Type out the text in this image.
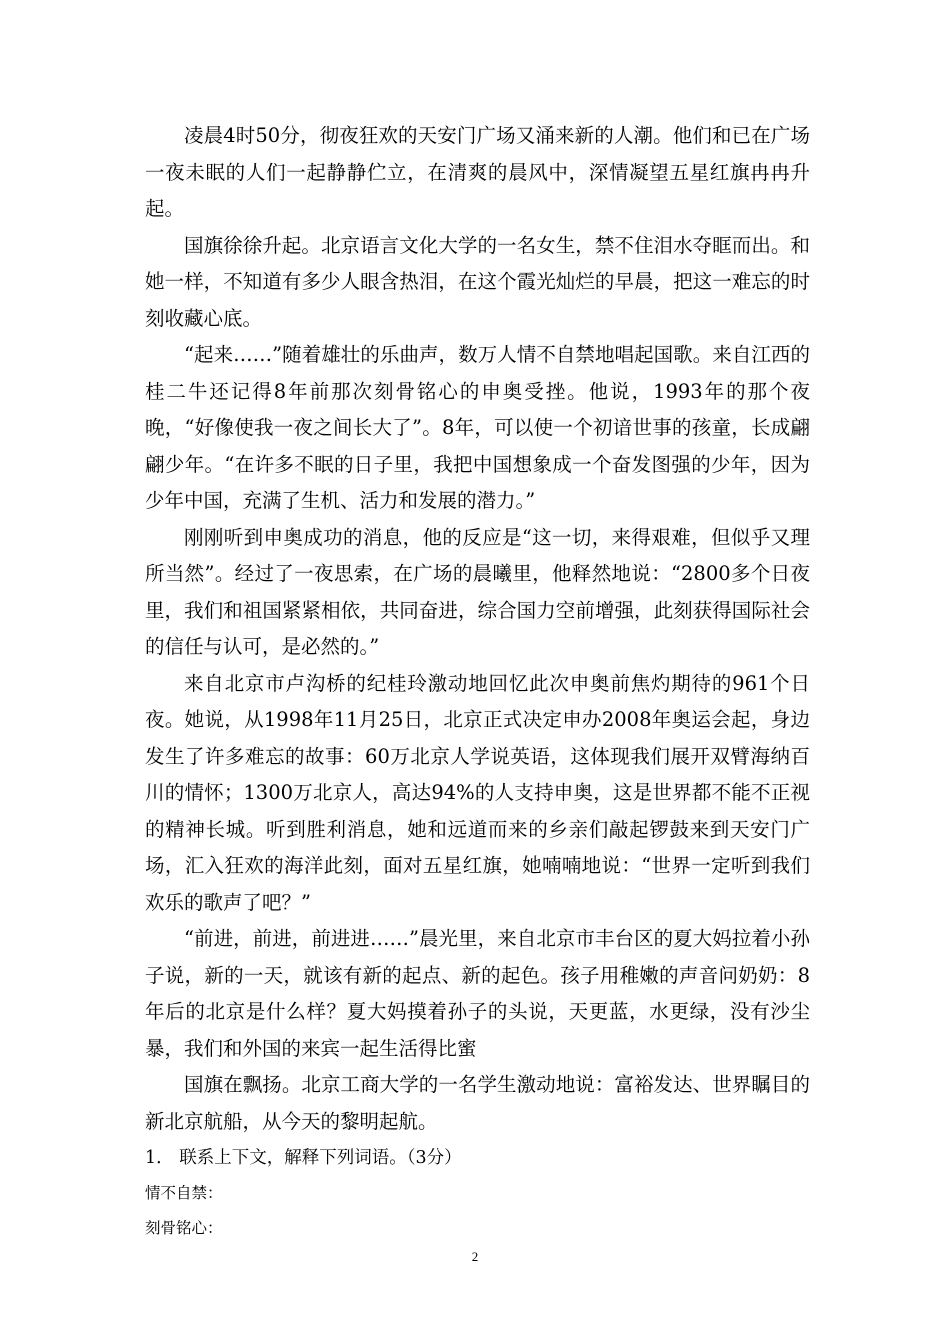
凌晨4时50分，彻夜狂欢的天安门广场又涌来新的人潮。他们和已在广场一夜未眠的人们一起静静伫立，在清爽的晨风中，深情凝望五星红旗冉冉升起。

国旗徐徐升起。北京语言文化大学的一名女生，禁不住泪水夺眶而出。和她一样，不知道有多少人眼含热泪，在这个霞光灿烂的早晨，把这一难忘的时刻收藏心底。

“起来……”随着雄壮的乐曲声，数万人情不自禁地唱起国歌。来自江西的桂二牛还记得8年前那次刻骨铭心的申奥受挫。他说，1993年的那个夜晚，“好像使我一夜之间长大了”。8年，可以使一个初谙世事的孩童，长成翩翩少年。“在许多不眠的日子里，我把中国想象成一个奋发图强的少年，因为少年中国，充满了生机、活力和发展的潜力。”

刚刚听到申奥成功的消息，他的反应是“这一切，来得艰难，但似乎又理所当然”。经过了一夜思索，在广场的晨曦里，他释然地说：“2800多个日夜里，我们和祖国紧紧相依，共同奋进，综合国力空前增强，此刻获得国际社会的信任与认可，是必然的。”

来自北京市卢沟桥的纪桂玲激动地回忆此次申奥前焦灼期待的961个日夜。她说，从1998年11月25日，北京正式决定申办2008年奥运会起，身边发生了许多难忘的故事：60万北京人学说英语，这体现我们展开双臂海纳百川的情怀；1300万北京人，高达94%的人支持申奥，这是世界都不能不正视的精神长城。听到胜利消息，她和远道而来的乡亲们敲起锣鼓来到天安门广场，汇入狂欢的海洋此刻，面对五星红旗，她喃喃地说：“世界一定听到我们欢乐的歌声了吧？”

“前进，前进，前进进……”晨光里，来自北京市丰台区的夏大妈拉着小孙子说，新的一天，就该有新的起点、新的起色。孩子用稚嫩的声音问奶奶：8年后的北京是什么样？夏大妈摸着孙子的头说，天更蓝，水更绿，没有沙尘暴，我们和外国的来宾一起生活得比蜜

国旗在飘扬。北京工商大学的一名学生激动地说：富裕发达、世界瞩目的新北京航船，从今天的黎明起航。

1． 联系上下文，解释下列词语。（3分）

情不自禁：

刻骨铭心：

2
